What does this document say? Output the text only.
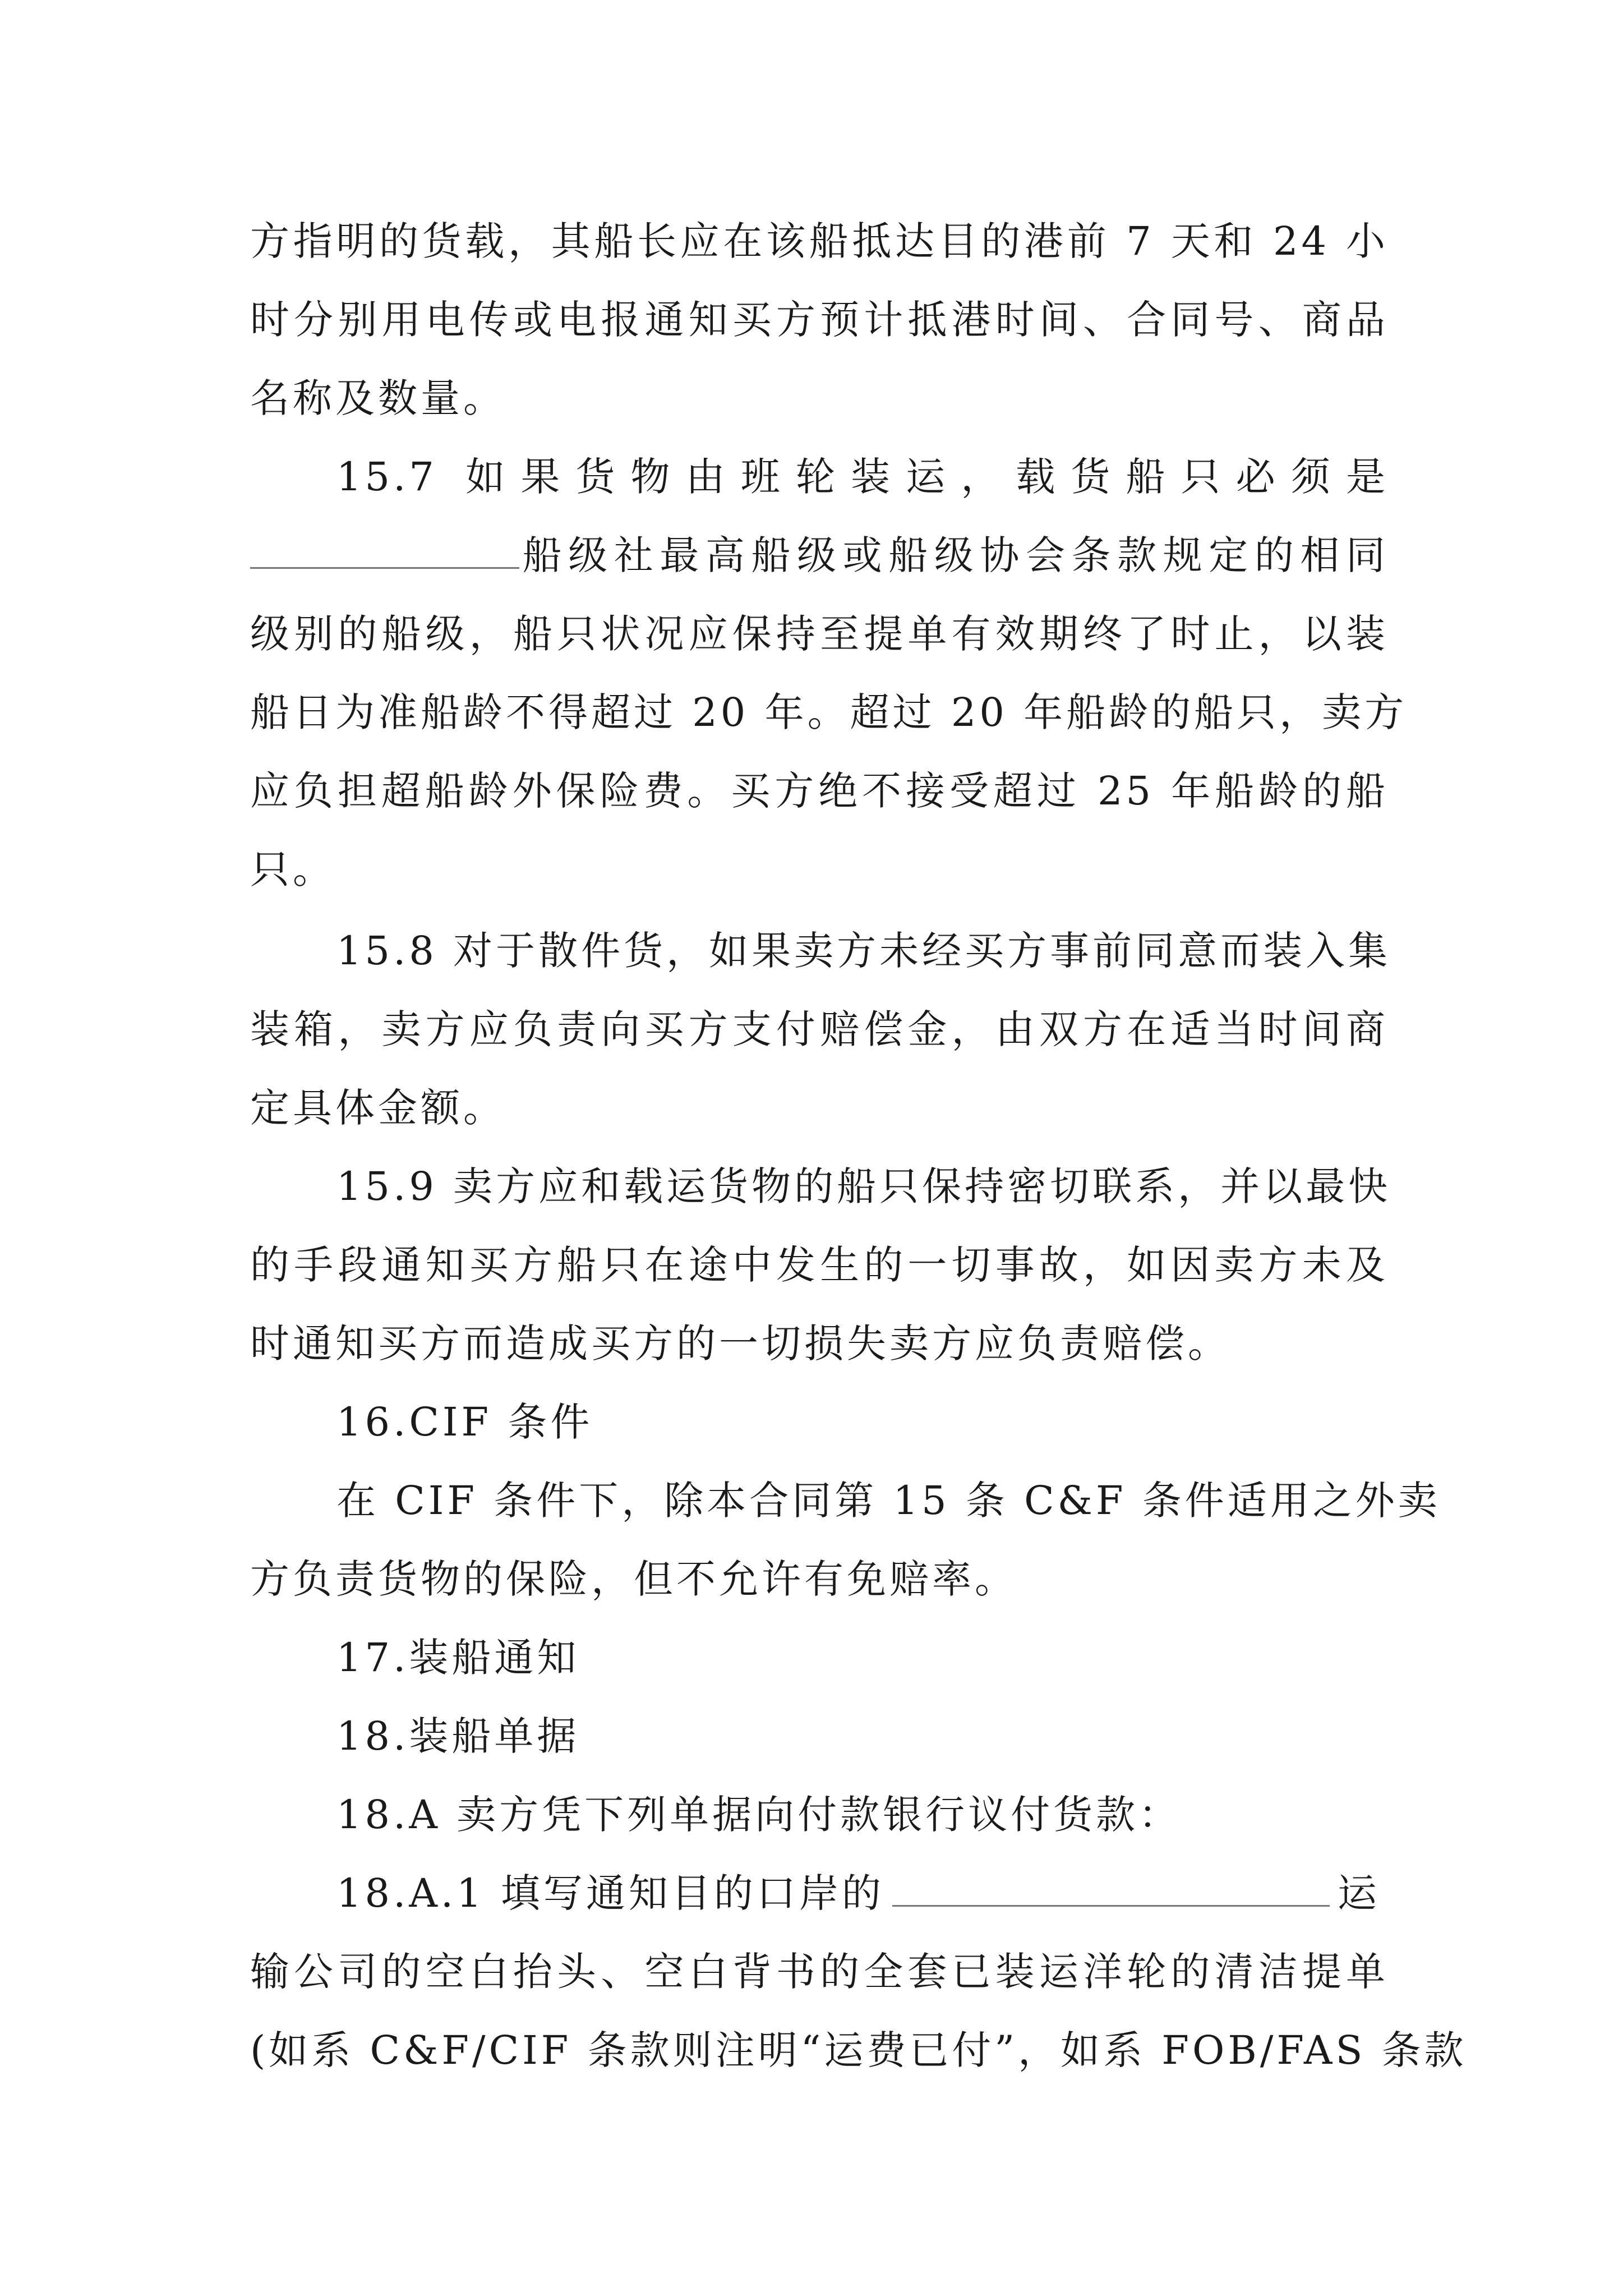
方指明的货载，其船长应在该船抵达目的港前 7 天和 24 小
时分别用电传或电报通知买方预计抵港时间、合同号、商品
名称及数量。
15.7 如果货物由班轮装运，载货船只必须是
船级社最高船级或船级协会条款规定的相同
级别的船级，船只状况应保持至提单有效期终了时止，以装
船日为准船龄不得超过 20 年。超过 20 年船龄的船只，卖方
应负担超船龄外保险费。买方绝不接受超过 25 年船龄的船
只。
15.8 对于散件货，如果卖方未经买方事前同意而装入集
装箱，卖方应负责向买方支付赔偿金，由双方在适当时间商
定具体金额。
15.9 卖方应和载运货物的船只保持密切联系，并以最快
的手段通知买方船只在途中发生的一切事故，如因卖方未及
时通知买方而造成买方的一切损失卖方应负责赔偿。
16.CIF 条件
在 CIF 条件下，除本合同第 15 条 C&F 条件适用之外卖
方负责货物的保险，但不允许有免赔率。
17.装船通知
18.装船单据
18.A 卖方凭下列单据向付款银行议付货款：
18.A.1 填写通知目的口岸的	运
输公司的空白抬头、空白背书的全套已装运洋轮的清洁提单
(如系 C&F/CIF 条款则注明“运费已付”，如系 FOB/FAS 条款
